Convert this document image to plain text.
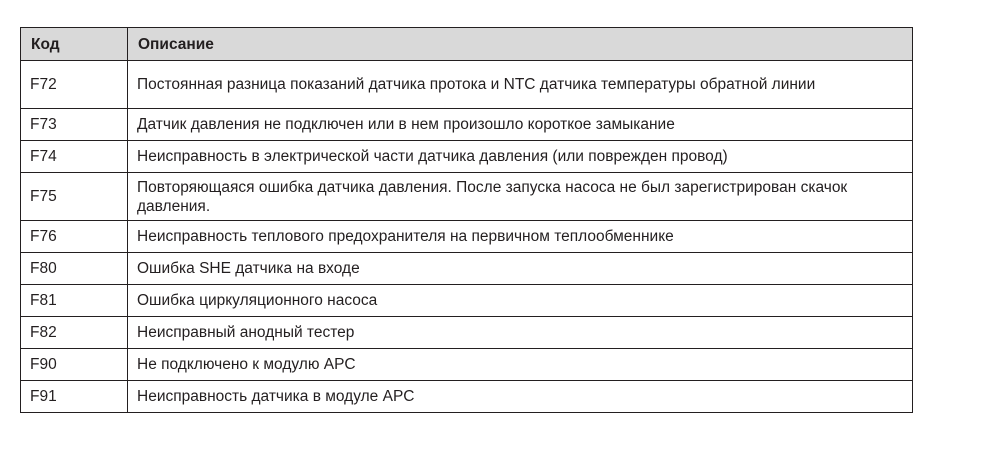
Код	Описание
F72	Постоянная разница показаний датчика протока и NTC датчика температуры обратной линии
F73	Датчик давления не подключен или в нем произошло короткое замыкание
F74	Неисправность в электрической части датчика давления (или поврежден провод)
F75	Повторяющаяся ошибка датчика давления. После запуска насоса не был зарегистрирован скачок давления.
F76	Неисправность теплового предохранителя на первичном теплообменнике
F80	Ошибка SHE датчика на входе
F81	Ошибка циркуляционного насоса
F82	Неисправный анодный тестер
F90	Не подключено к модулю APC
F91	Неисправность датчика в модуле APC
